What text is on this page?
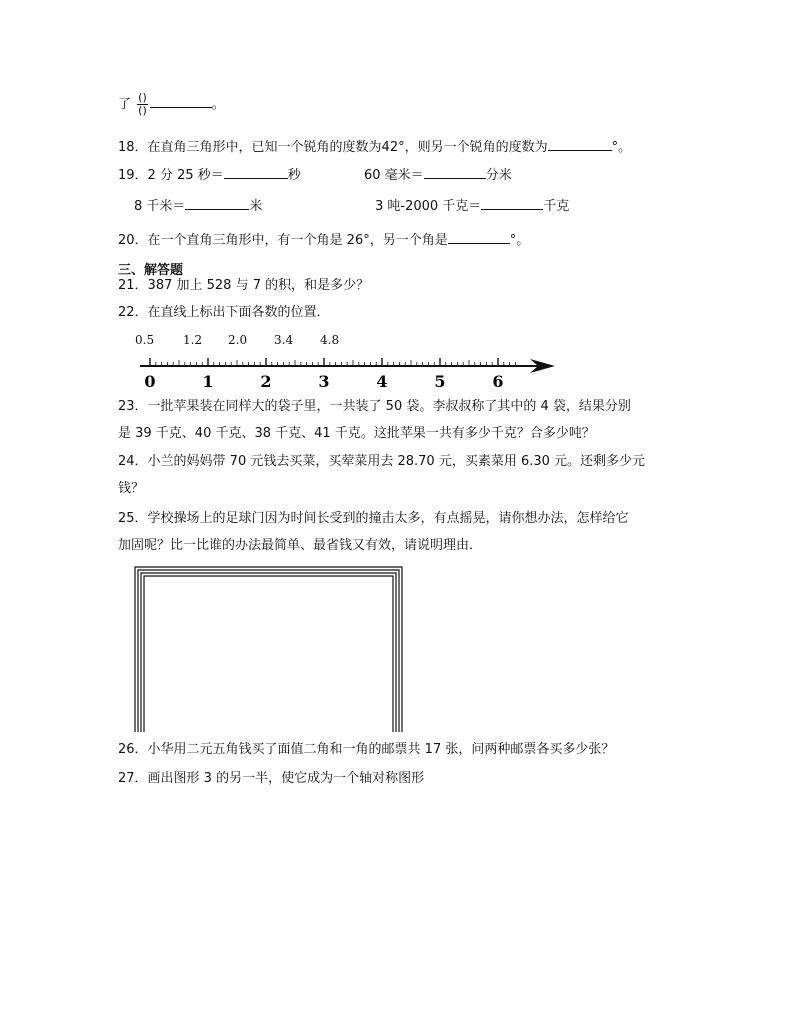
了 $\frac{()}{()}$	。
18．在直角三角形中，已知一个锐角的度数为42°，则另一个锐角的度数为	°。
19．2 分 25 秒＝	秒	60 毫米＝	分米
8 千米＝	米	3 吨-2000 千克＝	千克
20．在一个直角三角形中，有一个角是 26°，另一个角是	°。
三、解答题
21．387 加上 528 与 7 的积，和是多少？
22．在直线上标出下面各数的位置．
0.5 1.2 2.0 3.4 4.8
0	1	2	3	4	5	6
23．一批苹果装在同样大的袋子里，一共装了 50 袋。李叔叔称了其中的 4 袋，结果分别
是 39 千克、40 千克、38 千克、41 千克。这批苹果一共有多少千克？合多少吨？
24．小兰的妈妈带 70 元钱去买菜，买荤菜用去 28.70 元，买素菜用 6.30 元。还剩多少元
钱？
25．学校操场上的足球门因为时间长受到的撞击太多，有点摇晃，请你想办法，怎样给它
加固呢？比一比谁的办法最简单、最省钱又有效，请说明理由．
26．小华用二元五角钱买了面值二角和一角的邮票共 17 张，问两种邮票各买多少张？
27．画出图形 3 的另一半，使它成为一个轴对称图形
